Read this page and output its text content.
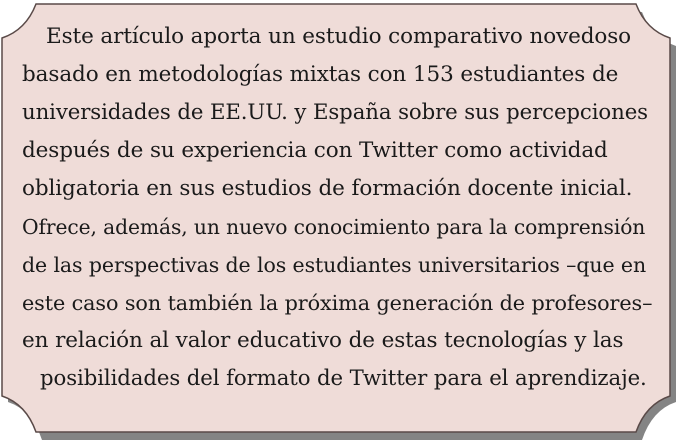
Este artículo aporta un estudio comparativo novedoso
basado en metodologías mixtas con 153 estudiantes de
universidades de EE.UU. y España sobre sus percepciones
después de su experiencia con Twitter como actividad
obligatoria en sus estudios de formación docente inicial.
Ofrece, además, un nuevo conocimiento para la comprensión
de las perspectivas de los estudiantes universitarios –que en
este caso son también la próxima generación de profesores–
en relación al valor educativo de estas tecnologías y las
posibilidades del formato de Twitter para el aprendizaje.
